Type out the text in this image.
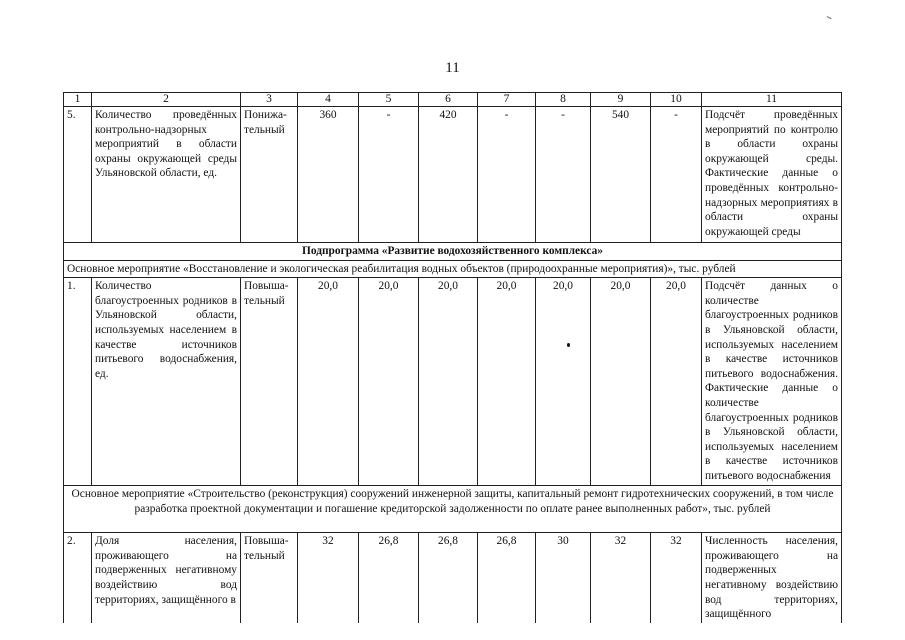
11
1	2	3	4	5	6	7	8	9	10	11
5.	Количество проведённых контрольно-надзорных мероприятий в области охраны окружающей среды Ульяновской области, ед.	Понижа-тельный	360	-	420	-	-	540	-	Подсчёт проведённых мероприятий по контролю в области охраны окружающей среды. Фактические данные о проведённых контрольно-надзорных мероприятиях в области охраны окружающей среды
Подпрограмма «Развитие водохозяйственного комплекса»										
Основное мероприятие «Восстановление и экологическая реабилитация водных объектов (природоохранные мероприятия)», тыс. рублей										
1.	Количество благоустроенных родников в Ульяновской области, используемых населением в качестве источников питьевого водоснабжения, ед.	Повыша-тельный	20,0	20,0	20,0	20,0	20,0	20,0	20,0	Подсчёт данных о количестве благоустроенных родников в Ульяновской области, используемых населением в качестве источников питьевого водоснабжения. Фактические данные о количестве благоустроенных родников в Ульяновской области, используемых населением в качестве источников питьевого водоснабжения
Основное мероприятие «Строительство (реконструкция) сооружений инженерной защиты, капитальный ремонт гидротехнических сооружений, в том числе разработка проектной документации и погашение кредиторской задолженности по оплате ранее выполненных работ», тыс. рублей										
2.	Доля населения, проживающего на подверженных негативному воздействию вод территориях, защищённого в	Повыша-тельный	32	26,8	26,8	26,8	30	32	32	Численность населения, проживающего на подверженных негативному воздействию вод территориях, защищённого
